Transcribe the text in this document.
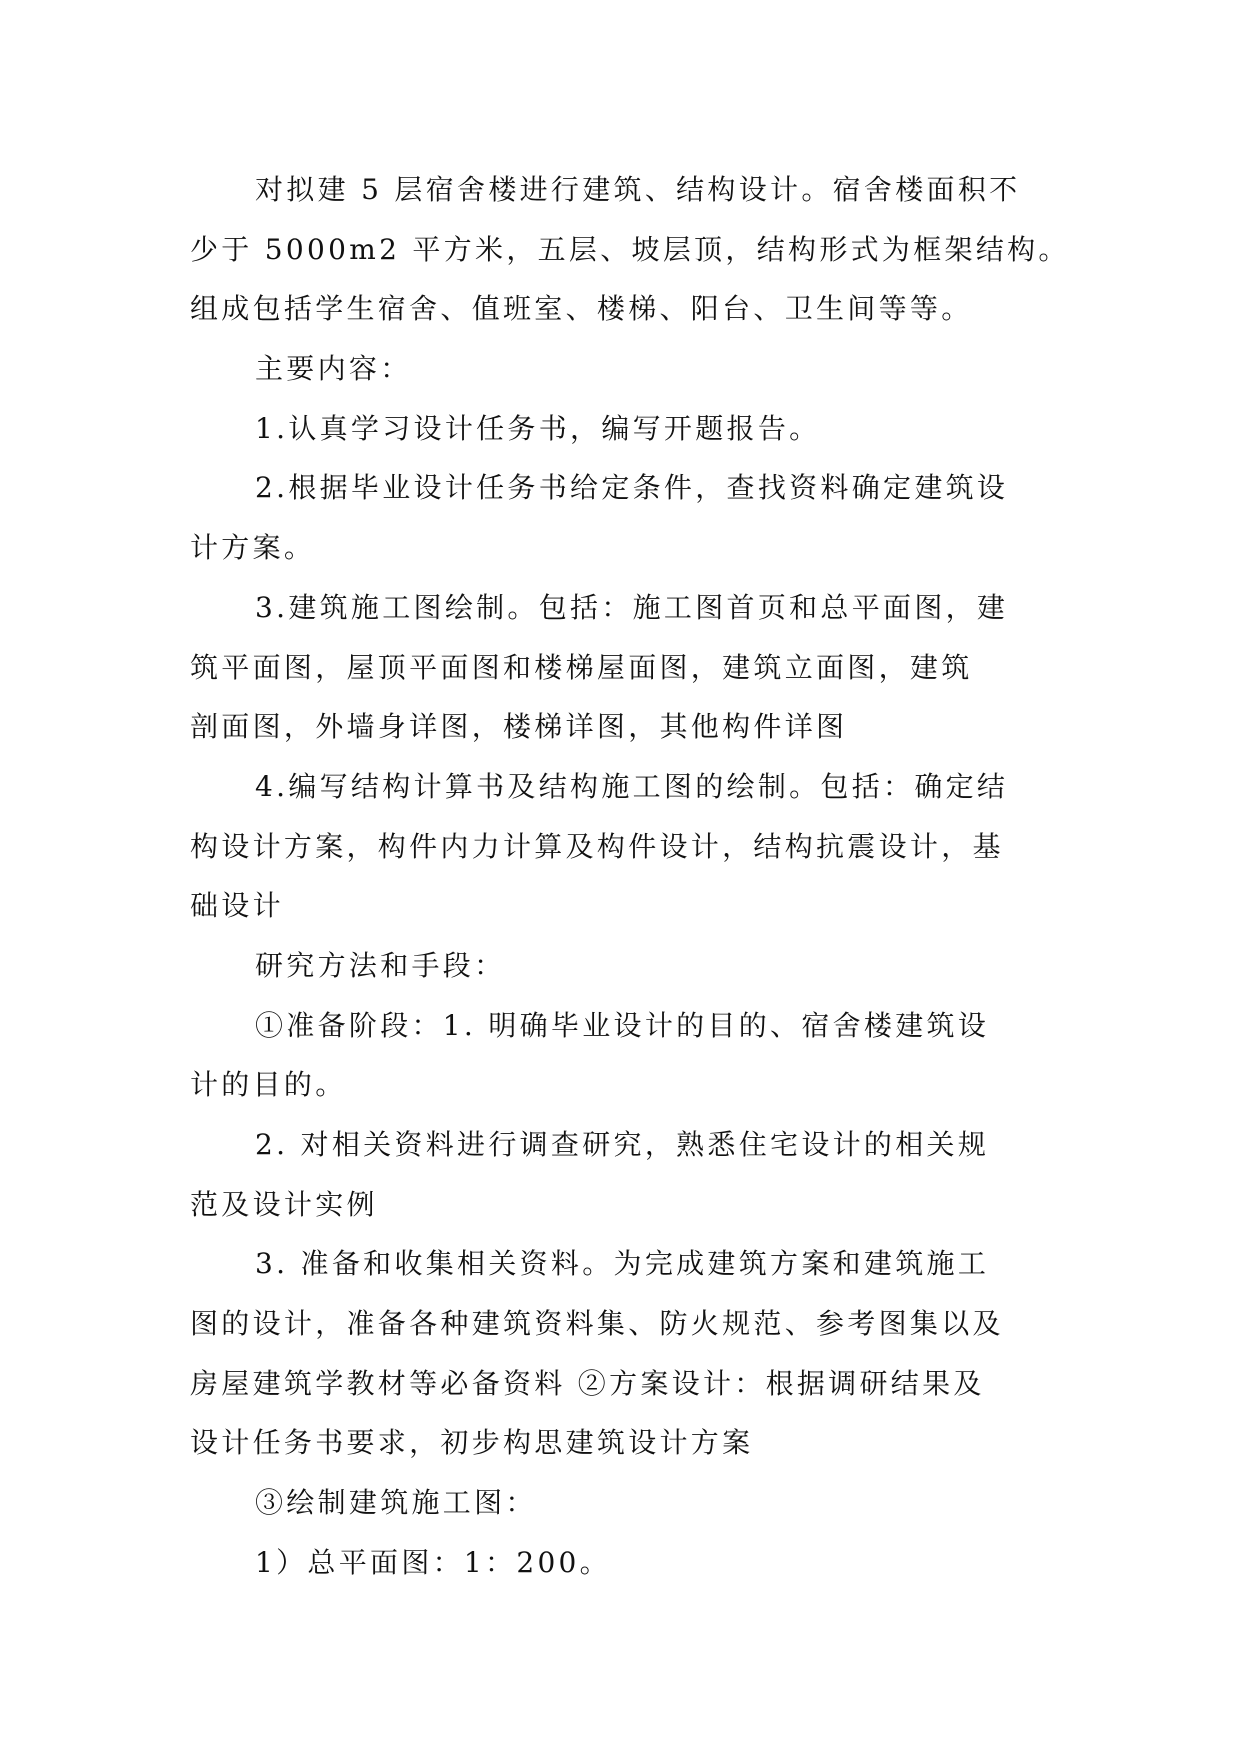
对拟建 5 层宿舍楼进行建筑、结构设计。宿舍楼面积不
少于 5000m2 平方米，五层、坡层顶，结构形式为框架结构。
组成包括学生宿舍、值班室、楼梯、阳台、卫生间等等。
主要内容：
1.认真学习设计任务书，编写开题报告。
2.根据毕业设计任务书给定条件，查找资料确定建筑设
计方案。
3.建筑施工图绘制。包括：施工图首页和总平面图，建
筑平面图，屋顶平面图和楼梯屋面图，建筑立面图，建筑
剖面图，外墙身详图，楼梯详图，其他构件详图
4.编写结构计算书及结构施工图的绘制。包括：确定结
构设计方案，构件内力计算及构件设计，结构抗震设计，基
础设计
研究方法和手段：
①准备阶段：1. 明确毕业设计的目的、宿舍楼建筑设
计的目的。
2. 对相关资料进行调查研究，熟悉住宅设计的相关规
范及设计实例
3. 准备和收集相关资料。为完成建筑方案和建筑施工
图的设计，准备各种建筑资料集、防火规范、参考图集以及
房屋建筑学教材等必备资料 ②方案设计：根据调研结果及
设计任务书要求，初步构思建筑设计方案
③绘制建筑施工图：
1）总平面图：1：200。
